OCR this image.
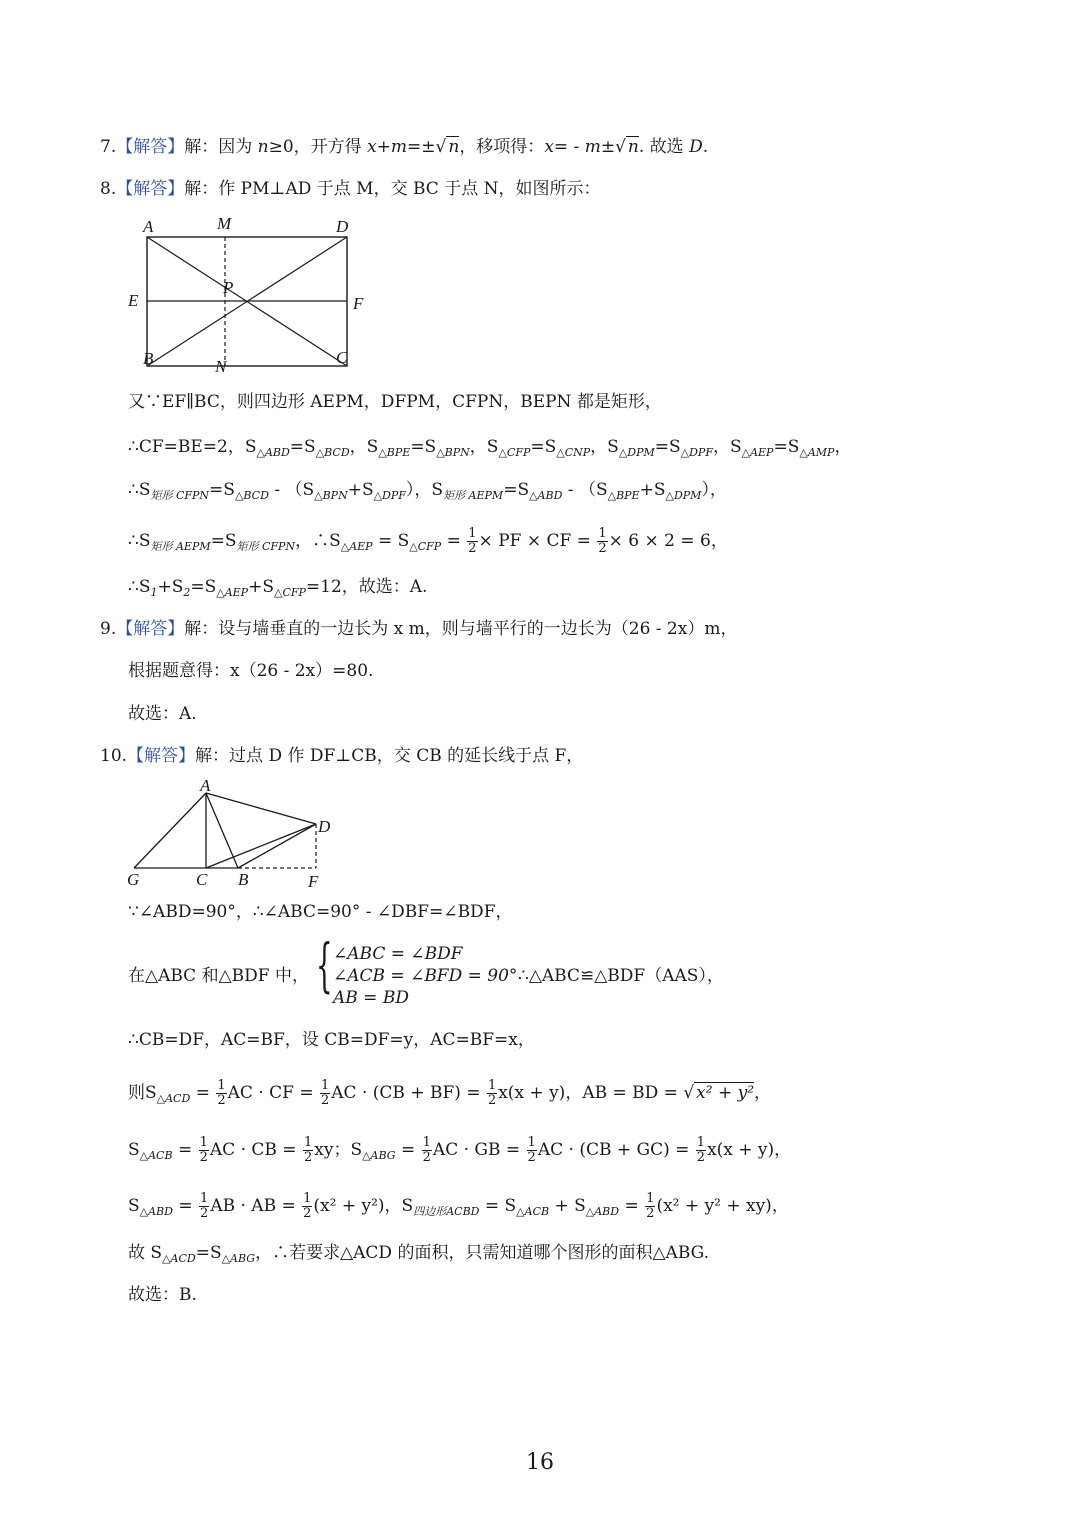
7.【解答】解：因为 n≥0，开方得 x+m=±√ n，移项得：x= - m±√ n. 故选 D.
8.【解答】解：作 PM⊥AD 于点 M，交 BC 于点 N，如图所示：
A	M	D
E
P
F
B	N	C
又∵EF∥BC，则四边形 AEPM，DFPM，CFPN，BEPN 都是矩形，
∴CF=BE=2，$S_{\triangle ABD}=S_{\triangle BCD}$，$S_{\triangle BPE}=S_{\triangle BPN}$，$S_{\triangle CFP}=S_{\triangle CNP}$，$S_{\triangle DPM}=S_{\triangle DPF}$，$S_{\triangle AEP}=S_{\triangle AMP}$，
$\therefore S_{矩形 CFPN}=S_{\triangle BCD} - (S_{\triangle BPN}+S_{\triangle DPF})$，$S_{矩形 AEPM}=S_{\triangle ABD} - (S_{\triangle BPE}+S_{\triangle DPM})$，
$\therefore S_{矩形 AEPM}=S_{矩形 CFPN}$，$\therefore S_{\triangle AEP} = S_{\triangle CFP} = \frac{1}{2}$ × PF × CF = $\frac{1}{2} \times 6 \times 2 = 6$，
$\therefore S_1+S_2=S_{\triangle AEP}+S_{\triangle CFP}=12$，故选：A.
9.【解答】解：设与墙垂直的一边长为 x m，则与墙平行的一边长为（26 - 2x）m，
根据题意得：x（26 - 2x）=80.
故选：A.
10.【解答】解：过点 D 作 DF⊥CB，交 CB 的延长线于点 F，
A
D
G	C B	F
∵∠ABD=90°，∴∠ABC=90° - ∠DBF=∠BDF，
在△ABC 和△BDF 中， { ∠ABC = ∠BDF
∠ACB = ∠BFD = 90°
AB = BD
∴△ABC≌△BDF（AAS），
∴CB=DF，AC=BF，设 CB=DF=y，AC=BF=x，
则$S_{\triangle ACD} = \frac{1}{2}$ AC · CF = $\frac{1}{2}$ AC · $(CB + BF) = \frac{1}{2} x(x + y)$，AB = BD = √ x² + y²，
$S_{\triangle ACB} = \frac{1}{2}$ AC · CB = $\frac{1}{2}$ xy；$S_{\triangle ABG} = \frac{1}{2}$ AC · GB = $\frac{1}{2}$ AC · $(CB + GC) = \frac{1}{2} x(x + y)$，
$S_{\triangle ABD} = \frac{1}{2}$ AB · AB = $\frac{1}{2} (x^2 + y^2)$，$S_{四边形ACBD} = S_{\triangle ACB} + S_{\triangle ABD} = \frac{1}{2} (x^2 + y^2 + xy)$，
故 $S_{\triangle ACD}=S_{\triangle ABG}$，∴若要求△ACD 的面积，只需知道哪个图形的面积△ABG.
故选：B.
16
